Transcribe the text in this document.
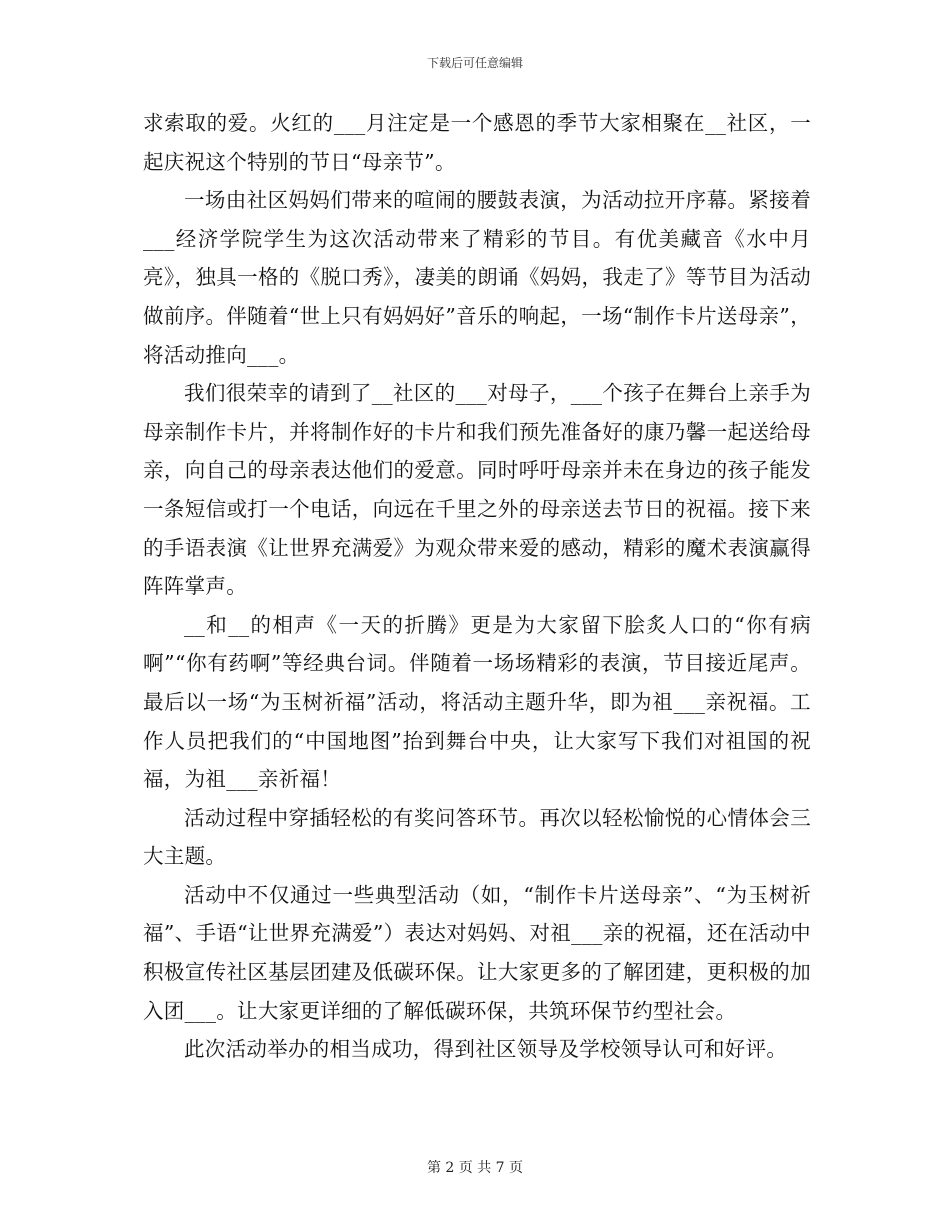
下载后可任意编辑

求索取的爱。火红的___月注定是一个感恩的季节大家相聚在__社区，一起庆祝这个特别的节日“母亲节”。

一场由社区妈妈们带来的喧闹的腰鼓表演，为活动拉开序幕。紧接着___经济学院学生为这次活动带来了精彩的节目。有优美藏音《水中月亮》，独具一格的《脱口秀》，凄美的朗诵《妈妈，我走了》等节目为活动做前序。伴随着“世上只有妈妈好”音乐的响起，一场“制作卡片送母亲”，将活动推向___。

我们很荣幸的请到了__社区的___对母子，___个孩子在舞台上亲手为母亲制作卡片，并将制作好的卡片和我们预先准备好的康乃馨一起送给母亲，向自己的母亲表达他们的爱意。同时呼吁母亲并未在身边的孩子能发一条短信或打一个电话，向远在千里之外的母亲送去节日的祝福。接下来的手语表演《让世界充满爱》为观众带来爱的感动，精彩的魔术表演赢得阵阵掌声。

__和__的相声《一天的折腾》更是为大家留下脍炙人口的“你有病啊”“你有药啊”等经典台词。伴随着一场场精彩的表演，节目接近尾声。最后以一场“为玉树祈福”活动，将活动主题升华，即为祖___亲祝福。工作人员把我们的“中国地图”抬到舞台中央，让大家写下我们对祖国的祝福，为祖___亲祈福！

活动过程中穿插轻松的有奖问答环节。再次以轻松愉悦的心情体会三大主题。

活动中不仅通过一些典型活动（如，“制作卡片送母亲”、“为玉树祈福”、手语“让世界充满爱”）表达对妈妈、对祖___亲的祝福，还在活动中积极宣传社区基层团建及低碳环保。让大家更多的了解团建，更积极的加入团___。让大家更详细的了解低碳环保，共筑环保节约型社会。

此次活动举办的相当成功，得到社区领导及学校领导认可和好评。

第 2 页 共 7 页
